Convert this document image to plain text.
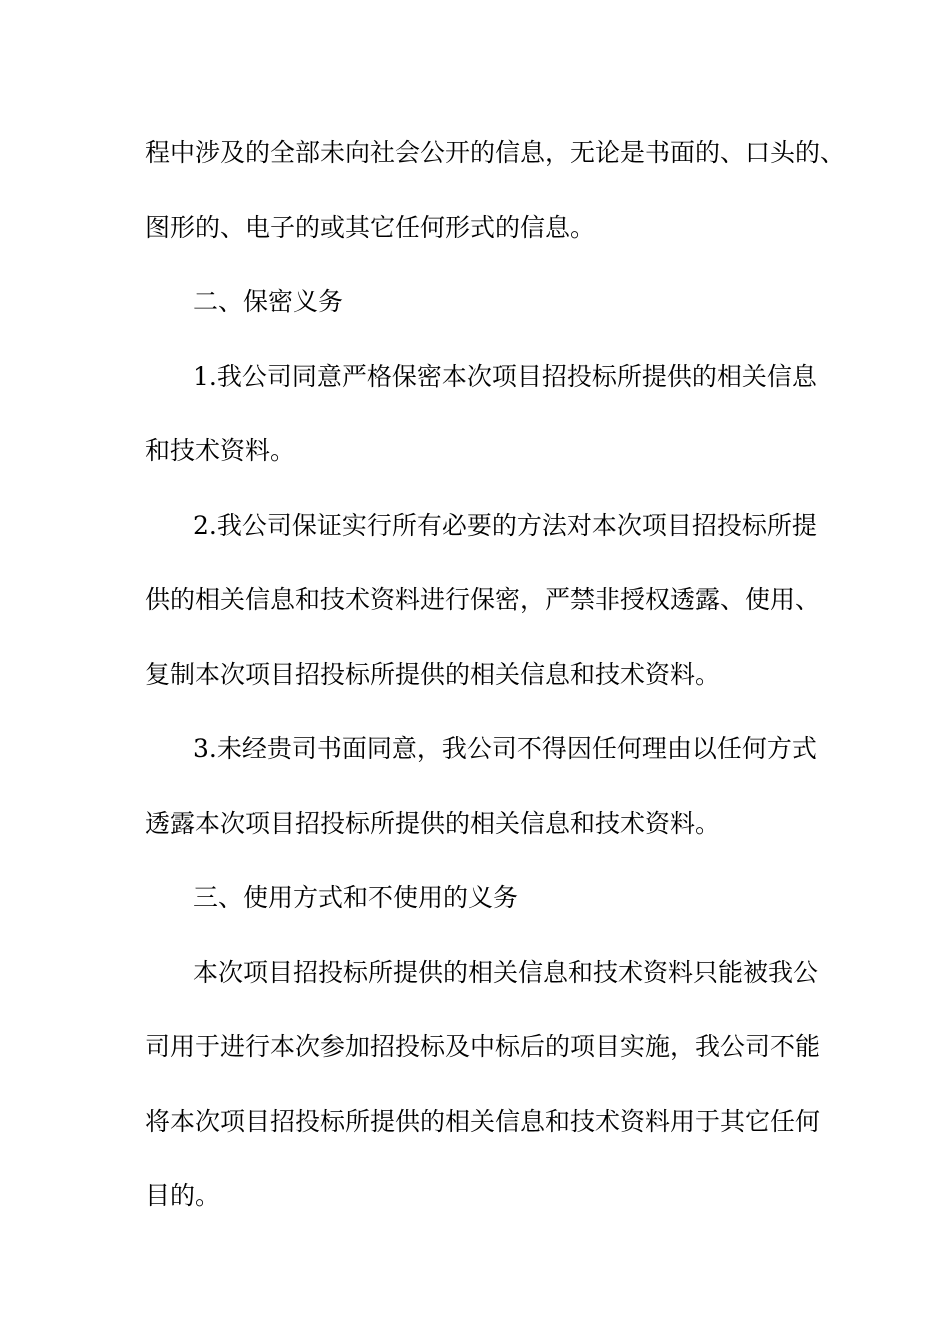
程中涉及的全部未向社会公开的信息，无论是书面的、口头的、
图形的、电子的或其它任何形式的信息。
二、保密义务
1.我公司同意严格保密本次项目招投标所提供的相关信息
和技术资料。
2.我公司保证实行所有必要的方法对本次项目招投标所提
供的相关信息和技术资料进行保密，严禁非授权透露、使用、
复制本次项目招投标所提供的相关信息和技术资料。
3.未经贵司书面同意，我公司不得因任何理由以任何方式
透露本次项目招投标所提供的相关信息和技术资料。
三、使用方式和不使用的义务
本次项目招投标所提供的相关信息和技术资料只能被我公
司用于进行本次参加招投标及中标后的项目实施，我公司不能
将本次项目招投标所提供的相关信息和技术资料用于其它任何
目的。
